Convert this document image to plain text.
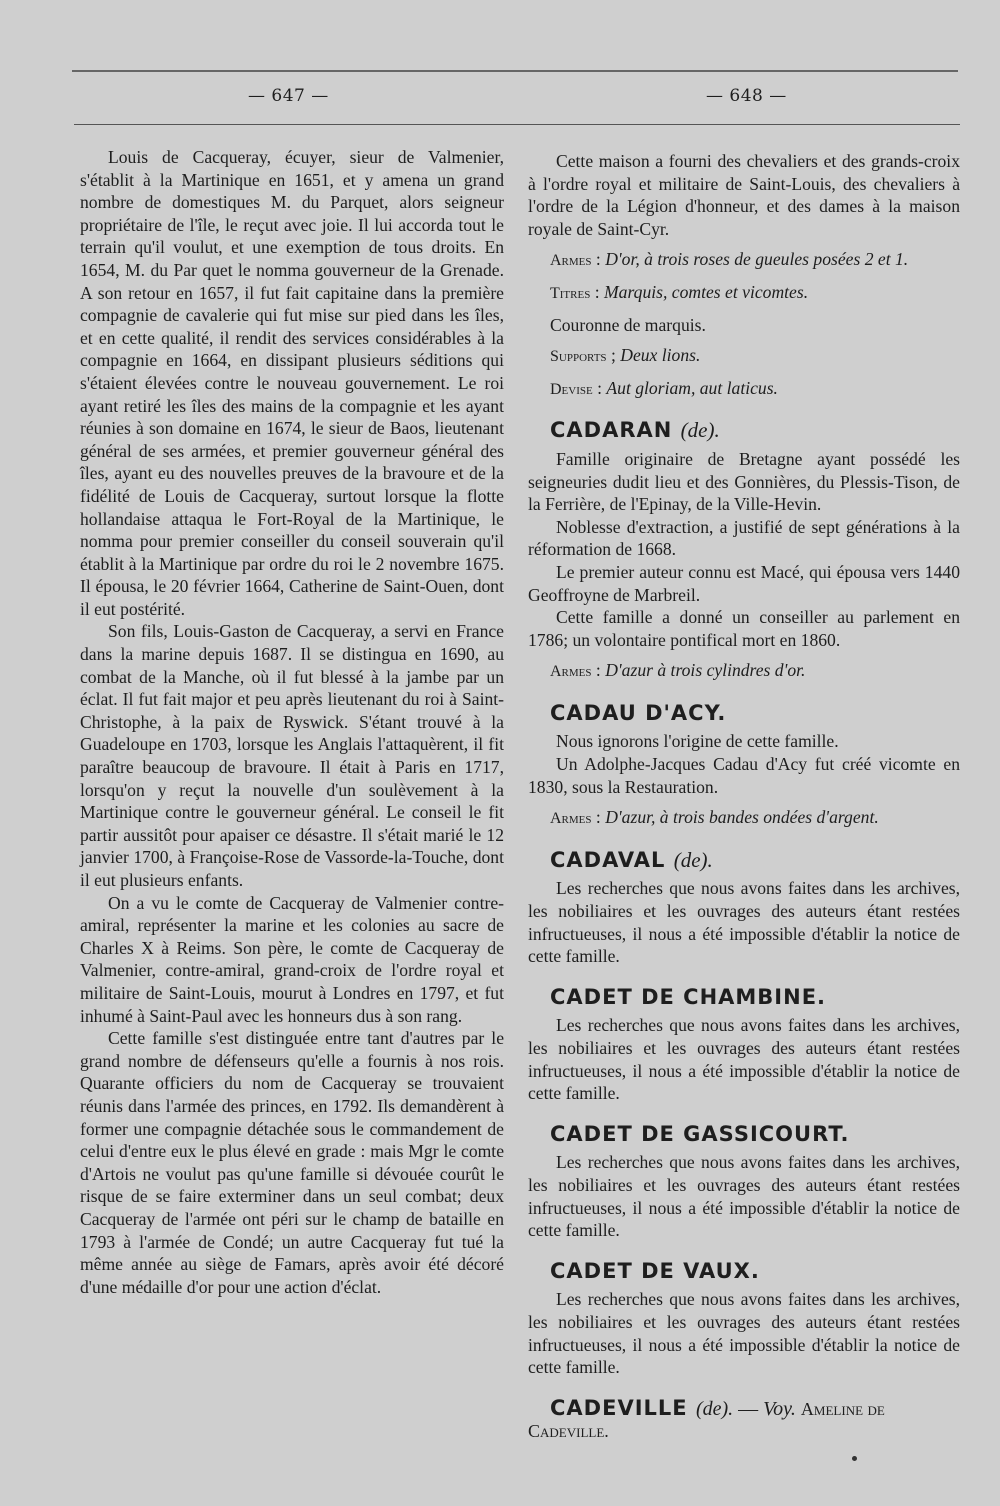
— 647 —	— 648 —

Louis de Cacqueray, écuyer, sieur de Valmenier, s'établit à la Martinique en 1651, et y amena un grand nombre de domestiques M. du Parquet, alors seigneur propriétaire de l'île, le reçut avec joie. Il lui accorda tout le terrain qu'il voulut, et une exemption de tous droits. En 1654, M. du Par quet le nomma gouverneur de la Grenade. A son retour en 1657, il fut fait capitaine dans la première compagnie de cavalerie qui fut mise sur pied dans les îles, et en cette qualité, il rendit des services considérables à la compagnie en 1664, en dissipant plusieurs séditions qui s'étaient élevées contre le nouveau gouvernement. Le roi ayant retiré les îles des mains de la compagnie et les ayant réunies à son domaine en 1674, le sieur de Baos, lieutenant général de ses armées, et premier gouverneur général des îles, ayant eu des nouvelles preuves de la bravoure et de la fidélité de Louis de Cacqueray, surtout lorsque la flotte hollandaise attaqua le Fort-Royal de la Martinique, le nomma pour premier conseiller du conseil souverain qu'il établit à la Martinique par ordre du roi le 2 novembre 1675. Il épousa, le 20 février 1664, Catherine de Saint-Ouen, dont il eut postérité.

Son fils, Louis-Gaston de Cacqueray, a servi en France dans la marine depuis 1687. Il se distingua en 1690, au combat de la Manche, où il fut blessé à la jambe par un éclat. Il fut fait major et peu après lieutenant du roi à Saint-Christophe, à la paix de Ryswick. S'étant trouvé à la Guadeloupe en 1703, lorsque les Anglais l'attaquèrent, il fit paraître beaucoup de bravoure. Il était à Paris en 1717, lorsqu'on y reçut la nouvelle d'un soulèvement à la Martinique contre le gouverneur général. Le conseil le fit partir aussitôt pour apaiser ce désastre. Il s'était marié le 12 janvier 1700, à Françoise-Rose de Vassorde-la-Touche, dont il eut plusieurs enfants.

On a vu le comte de Cacqueray de Valmenier contre-amiral, représenter la marine et les colonies au sacre de Charles X à Reims. Son père, le comte de Cacqueray de Valmenier, contre-amiral, grand-croix de l'ordre royal et militaire de Saint-Louis, mourut à Londres en 1797, et fut inhumé à Saint-Paul avec les honneurs dus à son rang.

Cette famille s'est distinguée entre tant d'autres par le grand nombre de défenseurs qu'elle a fournis à nos rois. Quarante officiers du nom de Cacqueray se trouvaient réunis dans l'armée des princes, en 1792. Ils demandèrent à former une compagnie détachée sous le commandement de celui d'entre eux le plus élevé en grade : mais Mgr le comte d'Artois ne voulut pas qu'une famille si dévouée courût le risque de se faire exterminer dans un seul combat; deux Cacqueray de l'armée ont péri sur le champ de bataille en 1793 à l'armée de Condé; un autre Cacqueray fut tué la même année au siège de Famars, après avoir été décoré d'une médaille d'or pour une action d'éclat.

Cette maison a fourni des chevaliers et des grands-croix à l'ordre royal et militaire de Saint-Louis, des chevaliers à l'ordre de la Légion d'honneur, et des dames à la maison royale de Saint-Cyr.

Armes : D'or, à trois roses de gueules posées 2 et 1.
Titres : Marquis, comtes et vicomtes.
Couronne de marquis.
Supports ; Deux lions.
Devise : Aut gloriam, aut laticus.
CADARAN (de).

Famille originaire de Bretagne ayant possédé les seigneuries dudit lieu et des Gonnières, du Plessis-Tison, de la Ferrière, de l'Epinay, de la Ville-Hevin.

Noblesse d'extraction, a justifié de sept générations à la réformation de 1668.

Le premier auteur connu est Macé, qui épousa vers 1440 Geoffroyne de Marbreil.

Cette famille a donné un conseiller au parlement en 1786; un volontaire pontifical mort en 1860.

Armes : D'azur à trois cylindres d'or.
CADAU D'ACY.

Nous ignorons l'origine de cette famille.

Un Adolphe-Jacques Cadau d'Acy fut créé vicomte en 1830, sous la Restauration.

Armes : D'azur, à trois bandes ondées d'argent.
CADAVAL (de).

Les recherches que nous avons faites dans les archives, les nobiliaires et les ouvrages des auteurs étant restées infructueuses, il nous a été impossible d'établir la notice de cette famille.

CADET DE CHAMBINE.

Les recherches que nous avons faites dans les archives, les nobiliaires et les ouvrages des auteurs étant restées infructueuses, il nous a été impossible d'établir la notice de cette famille.

CADET DE GASSICOURT.

Les recherches que nous avons faites dans les archives, les nobiliaires et les ouvrages des auteurs étant restées infructueuses, il nous a été impossible d'établir la notice de cette famille.

CADET DE VAUX.

Les recherches que nous avons faites dans les archives, les nobiliaires et les ouvrages des auteurs étant restées infructueuses, il nous a été impossible d'établir la notice de cette famille.

CADEVILLE (de). — Voy. Ameline de
Cadeville.
